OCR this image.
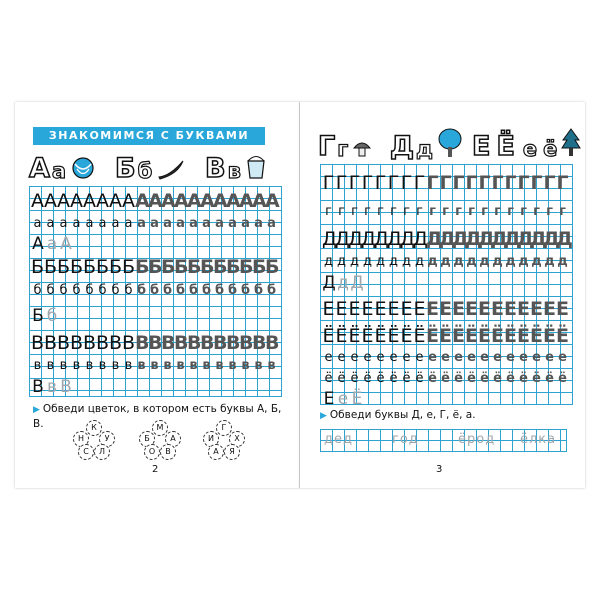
ЗНАКОМИМСЯ С БУКВАМИ
А а Б б В в
▶ Обведи цветок, в котором есть буквы А, Б, В.	К
Н	У
С	Л
М
Б	А
О	В
Г
И	Х
А	Я
2
А А А А А А А А А
А
А
А
А
А
А
А
А
А
А
а а а а а а а а а а а а а а а а а а а
А а А
Б Б Б Б Б Б Б Б Б
Б
Б
Б
Б
Б
Б
Б
Б
Б
Б
б б б б б б б б б б б б б б б б б б б
Б б
В В В В В В В В В
В
В
В
В
В
В
В
В
В
В
в в в в в в в в в в в в в в в в в в в
В в В
Г г Д д Е Ё е ё
▶ Обведи буквы Д, е, Г, ё, а.
дед	год	ёрод ёлка
3
Г Г Г Г Г Г Г Г Г Г Г Г Г Г Г Г Г Г Г
г г г г г г г г г г г г г г г г г г г
Д
Д
Д
Д
Д
Д
Д
Д
Д
Д
Д
Д
Д
Д
Д
Д
Д
Д
Д
д д д д д д д д д д д д д д д д д д д
Д д Д
Е Е Е Е Е Е Е Е Е Е Е Е Е Е Е Е Е Е Е
Ё Ё Ё Ё Ё Ё Ё Ё Ё Ё Ё Ё Ё Ё Ё Ё Ё Ё Ё
е е е е е е е е е е е е е е е е е е е
ё ё ё ё ё ё ё ё ё ё ё ё ё ё ё ё ё ё ё
Е е Ё
